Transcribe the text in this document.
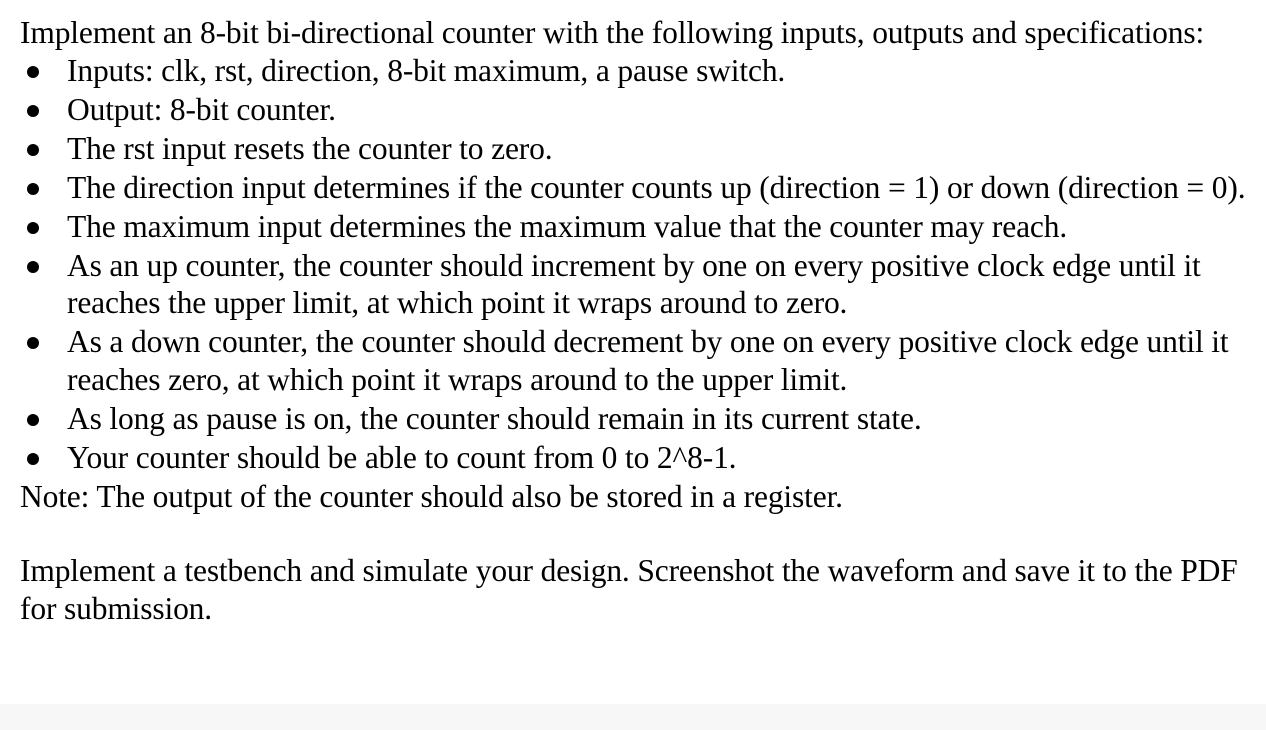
Implement an 8-bit bi-directional counter with the following inputs, outputs and specifications:

Inputs: clk, rst, direction, 8-bit maximum, a pause switch.
Output: 8-bit counter.
The rst input resets the counter to zero.
The direction input determines if the counter counts up (direction = 1) or down (direction = 0).
The maximum input determines the maximum value that the counter may reach.
As an up counter, the counter should increment by one on every positive clock edge until it reaches the upper limit, at which point it wraps around to zero.
As a down counter, the counter should decrement by one on every positive clock edge until it reaches zero, at which point it wraps around to the upper limit.
As long as pause is on, the counter should remain in its current state.
Your counter should be able to count from 0 to 2^8-1.

Note: The output of the counter should also be stored in a register.

Implement a testbench and simulate your design. Screenshot the waveform and save it to the PDF for submission.
